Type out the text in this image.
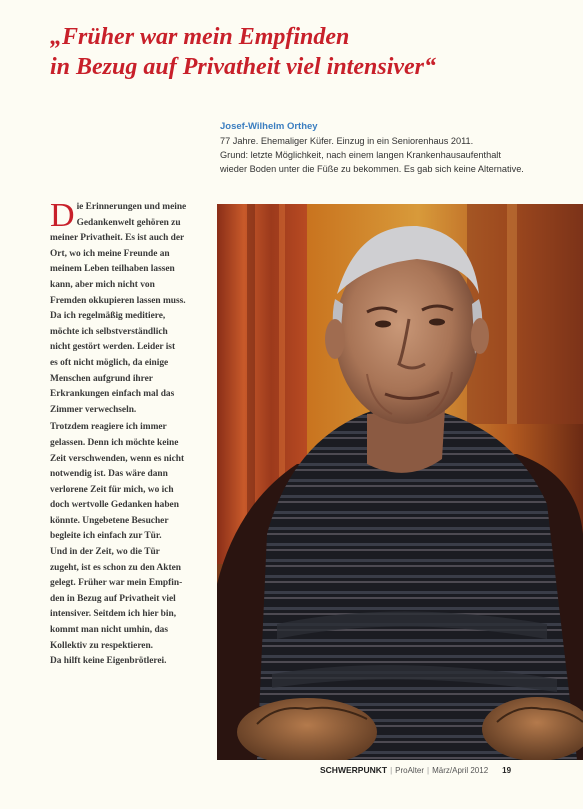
„Früher war mein Empfinden
in Bezug auf Privatheit viel intensiver“
Josef-Wilhelm Orthey
77 Jahre. Ehemaliger Küfer. Einzug in ein Seniorenhaus 2011.
Grund: letzte Möglichkeit, nach einem langen Krankenhausaufenthalt
wieder Boden unter die Füße zu bekommen. Es gab sich keine Alternative.
D ie Erinnerungen und meine
Gedankenwelt gehören zu
meiner Privatheit. Es ist auch der
Ort, wo ich meine Freunde an
meinem Leben teilhaben lassen
kann, aber mich nicht von
Fremden okkupieren lassen muss.
Da ich regelmäßig meditiere,
möchte ich selbstverständlich
nicht gestört werden. Leider ist
es oft nicht möglich, da einige
Menschen aufgrund ihrer
Erkrankungen einfach mal das
Zimmer verwechseln.
Trotzdem reagiere ich immer
gelassen. Denn ich möchte keine
Zeit verschwenden, wenn es nicht
notwendig ist. Das wäre dann
verlorene Zeit für mich, wo ich
doch wertvolle Gedanken haben
könnte. Ungebetene Besucher
begleite ich einfach zur Tür.
Und in der Zeit, wo die Tür
zugeht, ist es schon zu den Akten
gelegt. Früher war mein Empfin-
den in Bezug auf Privatheit viel
intensiver. Seitdem ich hier bin,
kommt man nicht umhin, das
Kollektiv zu respektieren.
Da hilft keine Eigenbrötlerei.
SCHWERPUNKT | ProAlter | März/April 2012 19
